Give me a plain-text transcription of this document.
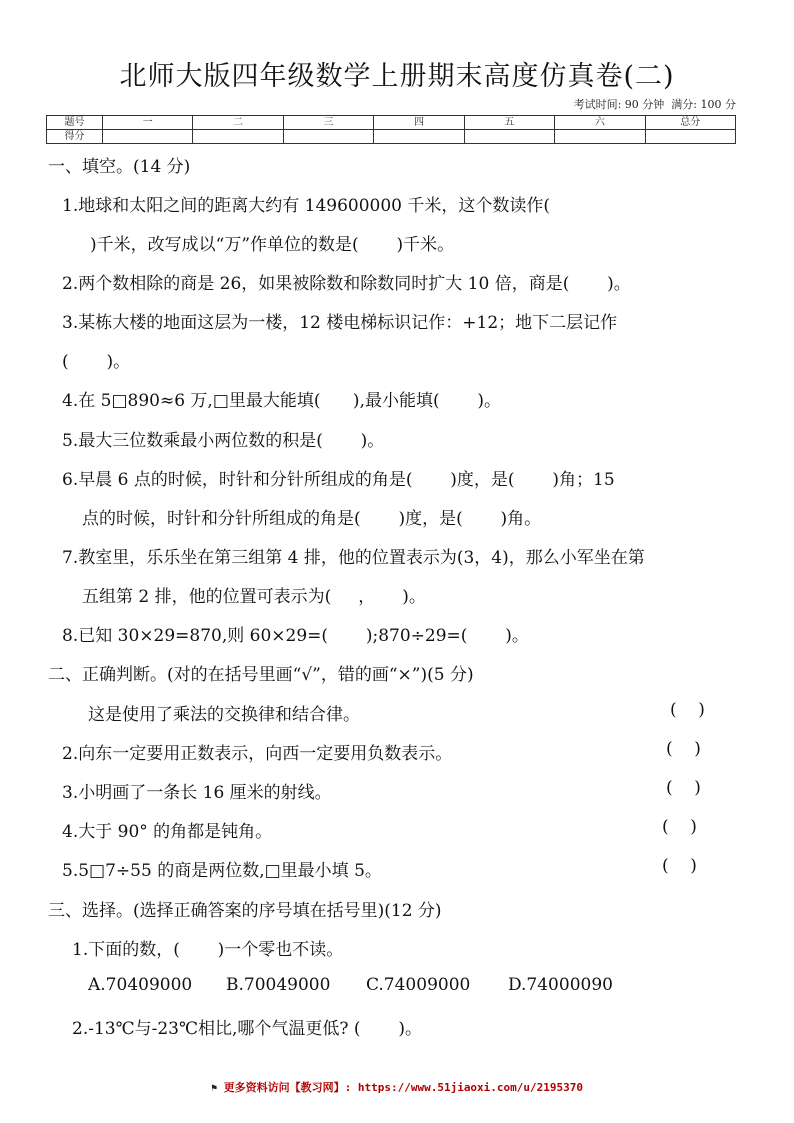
北师大版四年级数学上册期末高度仿真卷(二)
考试时间: 90 分钟  满分: 100 分
题号	一	二	三	四	五	六	总分
得分							
一、填空。(14 分)
1.地球和太阳之间的距离大约有 149600000 千米，这个数读作(
)千米，改写成以“万”作单位的数是(       )千米。
2.两个数相除的商是 26，如果被除数和除数同时扩大 10 倍，商是(       )。
3.某栋大楼的地面这层为一楼，12 楼电梯标识记作：+12；地下二层记作
(       )。
4.在 5□890≈6 万,□里最大能填(      ),最小能填(       )。
5.最大三位数乘最小两位数的积是(       )。
6.早晨 6 点的时候，时针和分针所组成的角是(       )度，是(       )角；15
点的时候，时针和分针所组成的角是(       )度，是(       )角。
7.教室里，乐乐坐在第三组第 4 排，他的位置表示为(3，4)，那么小军坐在第
五组第 2 排，他的位置可表示为(     ，     )。
8.已知 30×29=870,则 60×29=(       );870÷29=(       )。
二、正确判断。(对的在括号里画“√”，错的画“×”)(5 分)
这是使用了乘法的交换律和结合律。	(    )
2.向东一定要用正数表示，向西一定要用负数表示。	(    )
3.小明画了一条长 16 厘米的射线。	(    )
4.大于 90° 的角都是钝角。	(    )
5.5□7÷55 的商是两位数,□里最小填 5。	(    )
三、选择。(选择正确答案的序号填在括号里)(12 分)
1.下面的数，(       )一个零也不读。
A.70409000 B.70049000 C.74009000 D.74000090
2.-13℃与-23℃相比,哪个气温更低? (       )。
⚑ 更多资料访问【教习网】: https://www.51jiaoxi.com/u/2195370
